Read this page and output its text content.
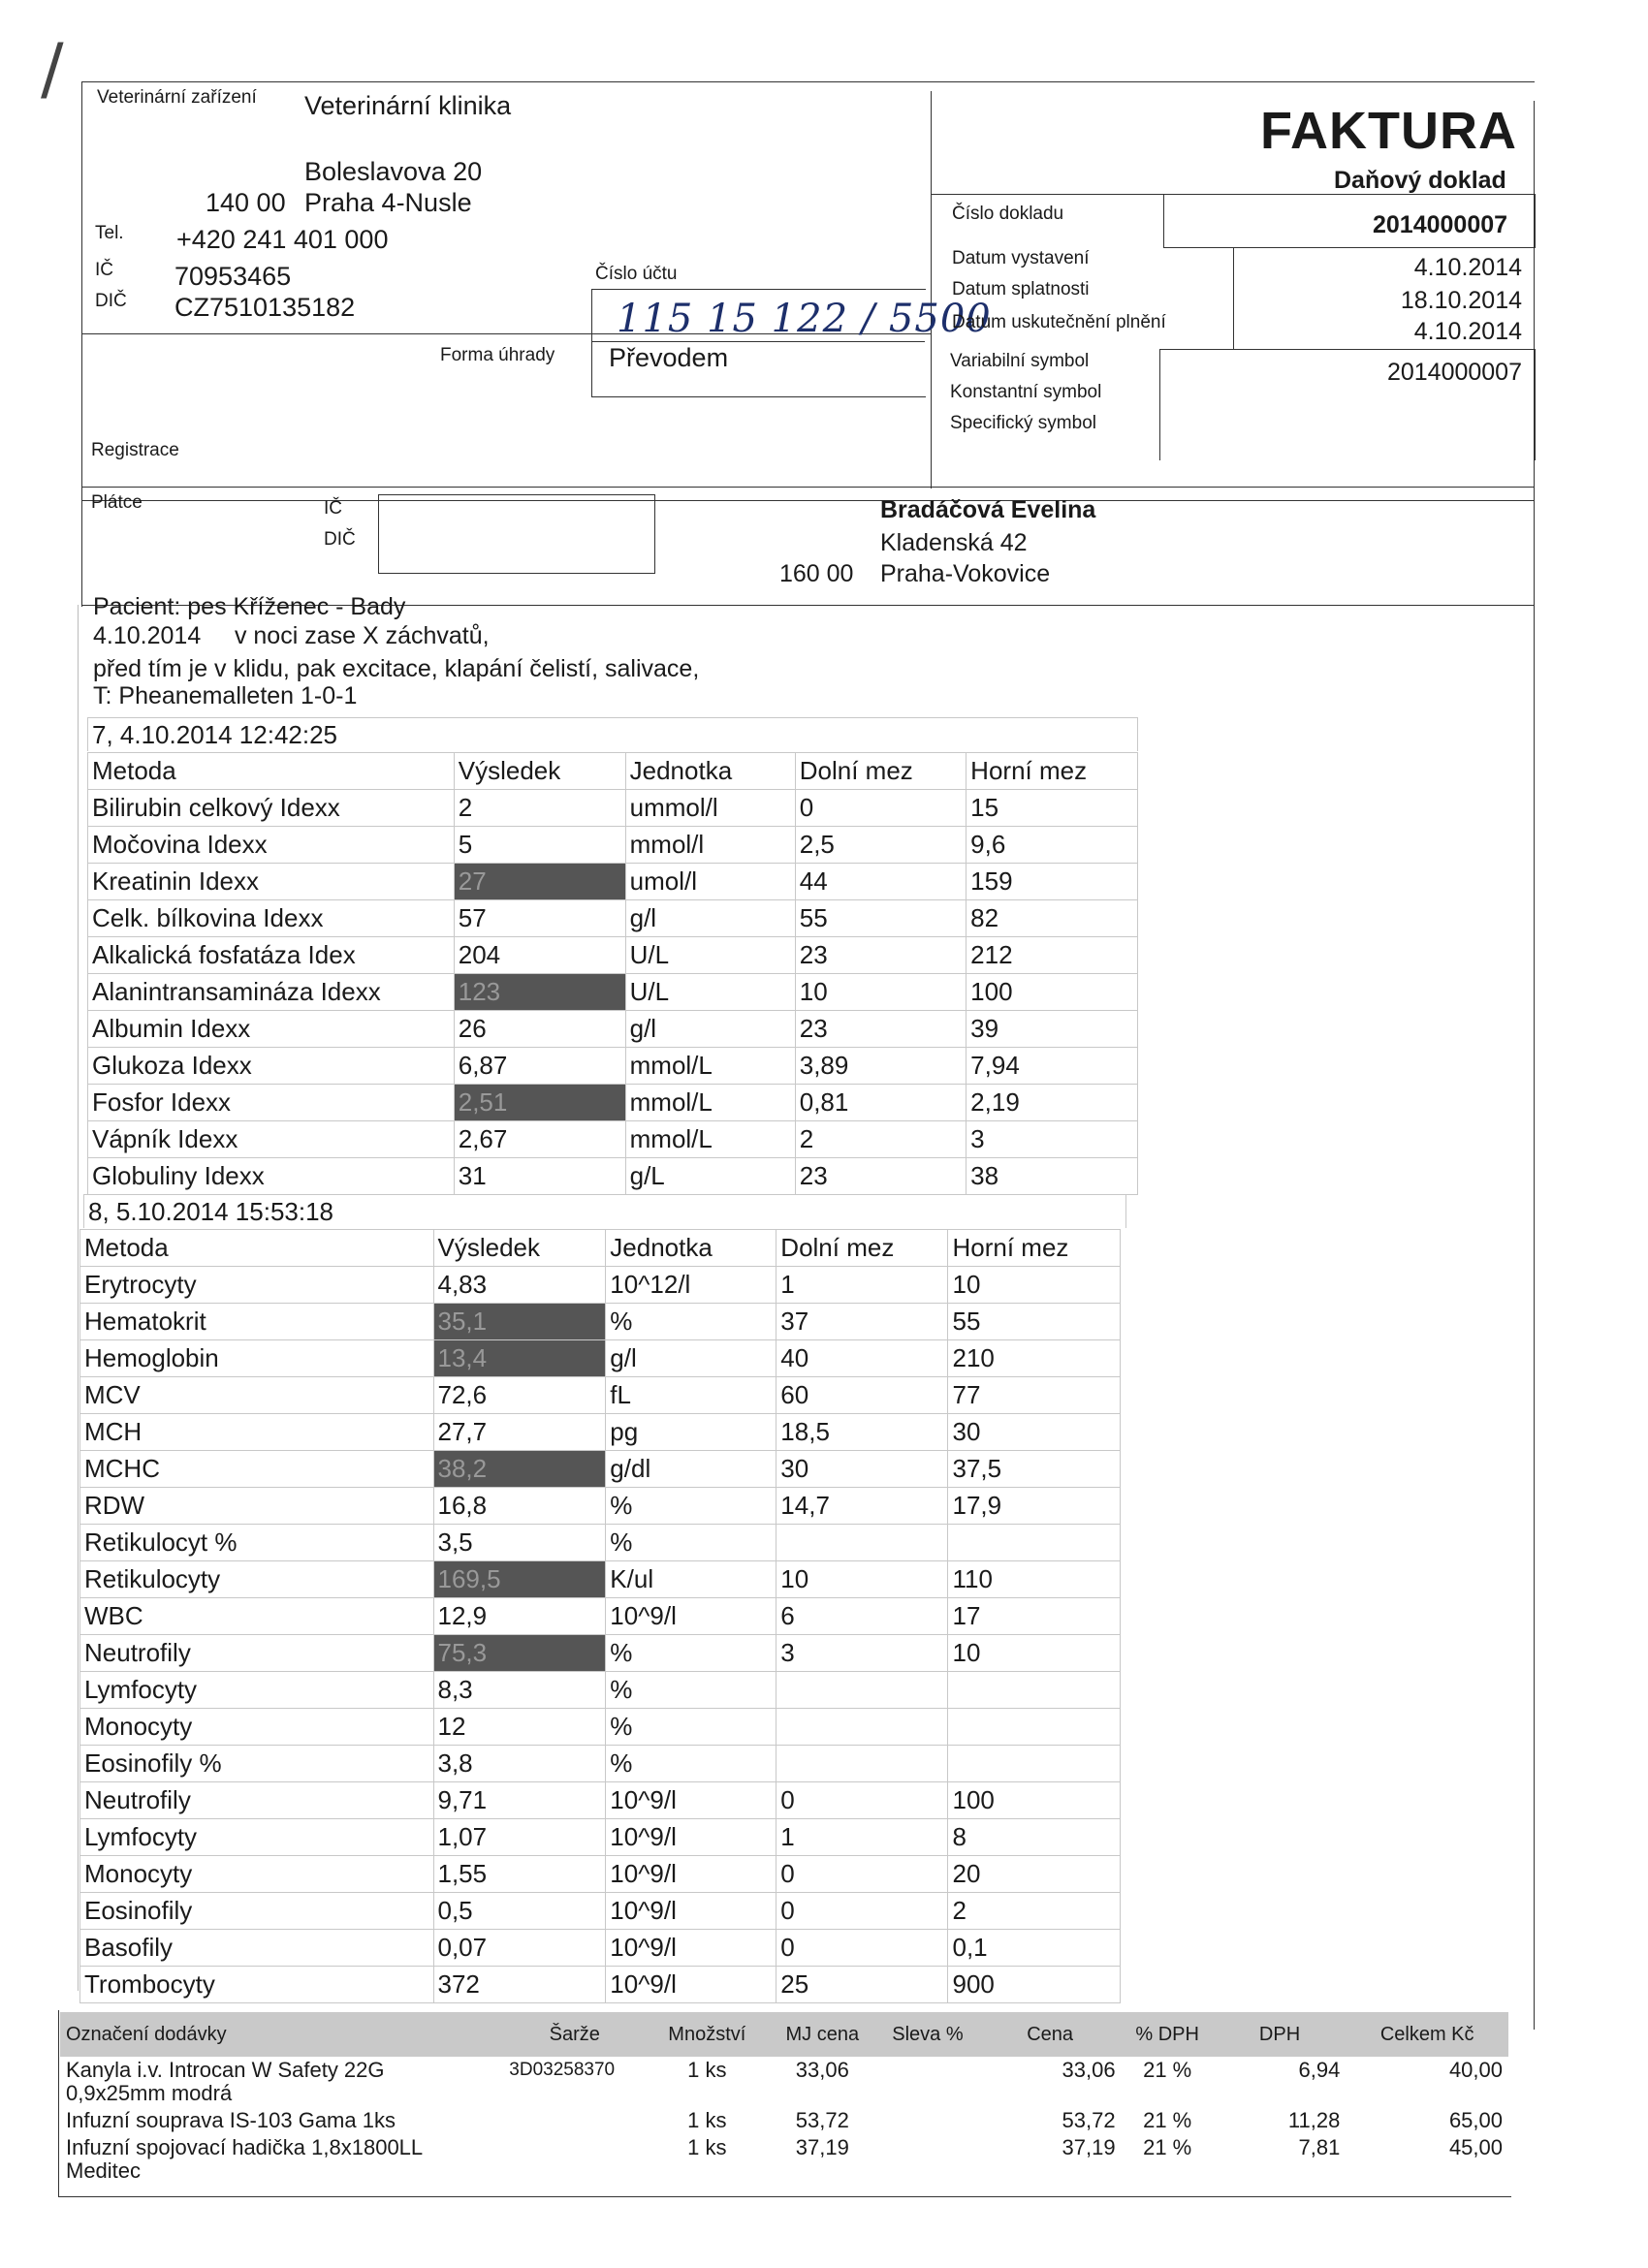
/ Veterinární zařízení Veterinární klinika
Boleslavova 20
140 00 Praha 4-Nusle
Tel. +420 241 401 000
IČ 70953465
DIČ CZ7510135182
Číslo účtu
115 15 122 / 5500
Forma úhrady Převodem
Registrace
FAKTURA
Daňový doklad
Číslo dokladu	2014000007
Datum vystavení	4.10.2014
Datum splatnosti	18.10.2014
Datum uskutečnění plnění	4.10.2014
Variabilní symbol	2014000007
Konstantní symbol
Specifický symbol
Plátce	IČ
DIČ
Bradáčová Evelina
Kladenská 42
160 00 Praha-Vokovice
Pacient: pes Kříženec - Bady
4.10.2014     v noci zase X záchvatů,
před tím je v klidu, pak excitace, klapání čelistí, salivace,
T: Pheanemalleten 1-0-1
7, 4.10.2014 12:42:25
Metoda	Výsledek	Jednotka	Dolní mez	Horní mez
Bilirubin celkový Idexx	2	ummol/l	0	15
Močovina Idexx	5	mmol/l	2,5	9,6
Kreatinin Idexx	27	umol/l	44	159
Celk. bílkovina Idexx	57	g/l	55	82
Alkalická fosfatáza Idex	204	U/L	23	212
Alanintransamináza Idexx	123	U/L	10	100
Albumin Idexx	26	g/l	23	39
Glukoza Idexx	6,87	mmol/L	3,89	7,94
Fosfor Idexx	2,51	mmol/L	0,81	2,19
Vápník Idexx	2,67	mmol/L	2	3
Globuliny Idexx	31	g/L	23	38
8, 5.10.2014 15:53:18
Metoda	Výsledek	Jednotka	Dolní mez	Horní mez
Erytrocyty	4,83	10^12/l	1	10
Hematokrit	35,1	%	37	55
Hemoglobin	13,4	g/l	40	210
MCV	72,6	fL	60	77
MCH	27,7	pg	18,5	30
MCHC	38,2	g/dl	30	37,5
RDW	16,8	%	14,7	17,9
Retikulocyt %	3,5	%		
Retikulocyty	169,5	K/ul	10	110
WBC	12,9	10^9/l	6	17
Neutrofily	75,3	%	3	10
Lymfocyty	8,3	%		
Monocyty	12	%		
Eosinofily %	3,8	%		
Neutrofily	9,71	10^9/l	0	100
Lymfocyty	1,07	10^9/l	1	8
Monocyty	1,55	10^9/l	0	20
Eosinofily	0,5	10^9/l	0	2
Basofily	0,07	10^9/l	0	0,1
Trombocyty	372	10^9/l	25	900
Označení dodávky	Šarže	Množství	MJ cena	Sleva %	Cena	% DPH	DPH	Celkem Kč

Kanyla i.v. Introcan W Safety 22G
0,9x25mm modrá	3D03258370	1 ks	33,06		33,06	21 %	6,94	40,00

Infuzní souprava IS-103 Gama 1ks		1 ks	53,72		53,72	21 %	11,28	65,00

Infuzní spojovací hadička 1,8x1800LL
Meditec		1 ks	37,19		37,19	21 %	7,81	45,00
